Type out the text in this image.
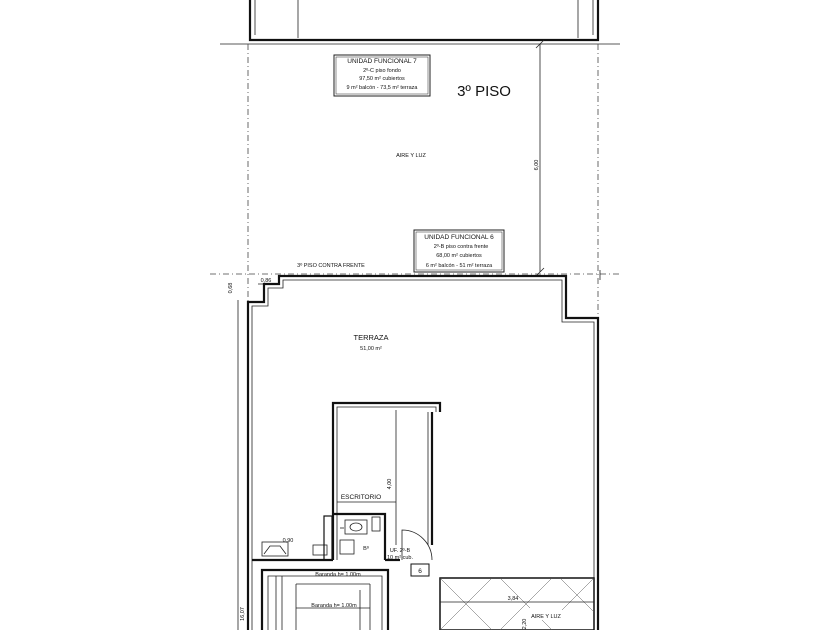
6,00
UNIDAD FUNCIONAL 7
2º-C piso fondo
97,50 m² cubiertos
9 m² balcón - 73,5 m² terraza	3º PISO
AIRE Y LUZ
UNIDAD FUNCIONAL 6
2º-B piso contra frente
68,00 m² cubiertos
6 m² balcón - 51 m² terraza
3º PISO CONTRA FRENTE
0,86
0,68
TERRAZA
51,00 m²
4,00
ESCRITORIO
Bº	UF. 2º-B
10 m² cub.
6
0,90
Baranda h= 1.00m
Baranda h= 1.00m
16,07
3,84
AIRE Y LUZ
2,20
